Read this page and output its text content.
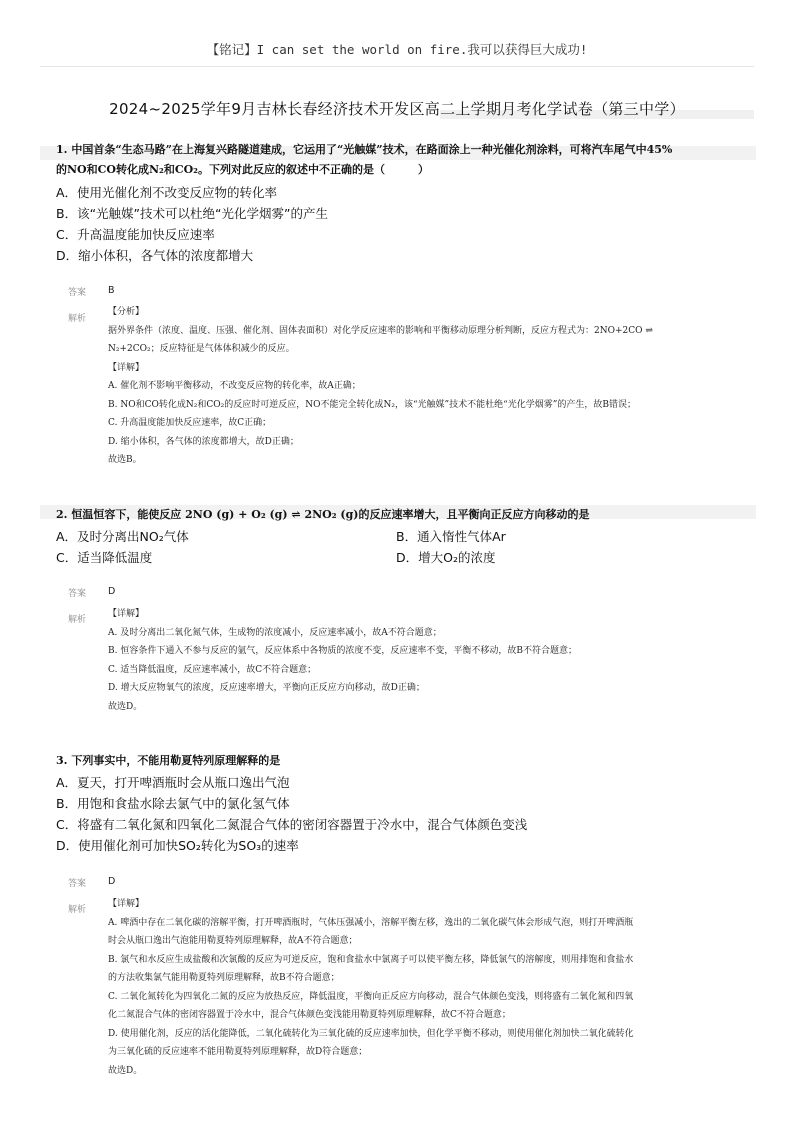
【铭记】I can set the world on fire.我可以获得巨大成功!
2024~2025学年9月吉林长春经济技术开发区高二上学期月考化学试卷（第三中学）
1. 中国首条“生态马路”在上海复兴路隧道建成，它运用了“光触媒”技术，在路面涂上一种光催化剂涂料，可将汽车尾气中45%
的NO和CO转化成N₂和CO₂。下列对此反应的叙述中不正确的是（　　　）
A．使用光催化剂不改变反应物的转化率
B．该“光触媒”技术可以杜绝“光化学烟雾”的产生
C．升高温度能加快反应速率
D．缩小体积，各气体的浓度都增大
答案 B
解析
【分析】
据外界条件（浓度、温度、压强、催化剂、固体表面积）对化学反应速率的影响和平衡移动原理分析判断，反应方程式为：2NO+2CO ⇌
N₂+2CO₂；反应特征是气体体积减少的反应。
【详解】
A. 催化剂不影响平衡移动，不改变反应物的转化率，故A正确；
B. NO和CO转化成N₂和CO₂的反应时可逆反应，NO不能完全转化成N₂，该“光触媒”技术不能杜绝“光化学烟雾”的产生，故B错误；
C. 升高温度能加快反应速率，故C正确；
D. 缩小体积，各气体的浓度都增大，故D正确；
故选B。
2. 恒温恒容下，能使反应 2NO (g) + O₂ (g) ⇌ 2NO₂ (g)的反应速率增大，且平衡向正反应方向移动的是
A．及时分离出NO₂气体	B．通入惰性气体Ar
C．适当降低温度	D．增大O₂的浓度
答案 D
解析
【详解】
A. 及时分离出二氧化氮气体，生成物的浓度减小，反应速率减小，故A不符合题意；
B. 恒容条件下通入不参与反应的氩气，反应体系中各物质的浓度不变，反应速率不变，平衡不移动，故B不符合题意；
C. 适当降低温度，反应速率减小，故C不符合题意；
D. 增大反应物氧气的浓度，反应速率增大，平衡向正反应方向移动，故D正确；
故选D。
3. 下列事实中，不能用勒夏特列原理解释的是
A．夏天，打开啤酒瓶时会从瓶口逸出气泡
B．用饱和食盐水除去氯气中的氯化氢气体
C．将盛有二氧化氮和四氧化二氮混合气体的密闭容器置于冷水中，混合气体颜色变浅
D．使用催化剂可加快SO₂转化为SO₃的速率
答案 D
解析
【详解】
A. 啤酒中存在二氧化碳的溶解平衡，打开啤酒瓶时，气体压强减小，溶解平衡左移，逸出的二氧化碳气体会形成气泡，则打开啤酒瓶
时会从瓶口逸出气泡能用勒夏特列原理解释，故A不符合题意；
B. 氯气和水反应生成盐酸和次氯酸的反应为可逆反应，饱和食盐水中氯离子可以使平衡左移，降低氯气的溶解度，则用排饱和食盐水
的方法收集氯气能用勒夏特列原理解释，故B不符合题意；
C. 二氧化氮转化为四氧化二氮的反应为放热反应，降低温度，平衡向正反应方向移动，混合气体颜色变浅，则将盛有二氧化氮和四氧
化二氮混合气体的密闭容器置于冷水中，混合气体颜色变浅能用勒夏特列原理解释，故C不符合题意；
D. 使用催化剂，反应的活化能降低，二氧化硫转化为三氧化硫的反应速率加快，但化学平衡不移动，则使用催化剂加快二氧化硫转化
为三氧化硫的反应速率不能用勒夏特列原理解释，故D符合题意；
故选D。
